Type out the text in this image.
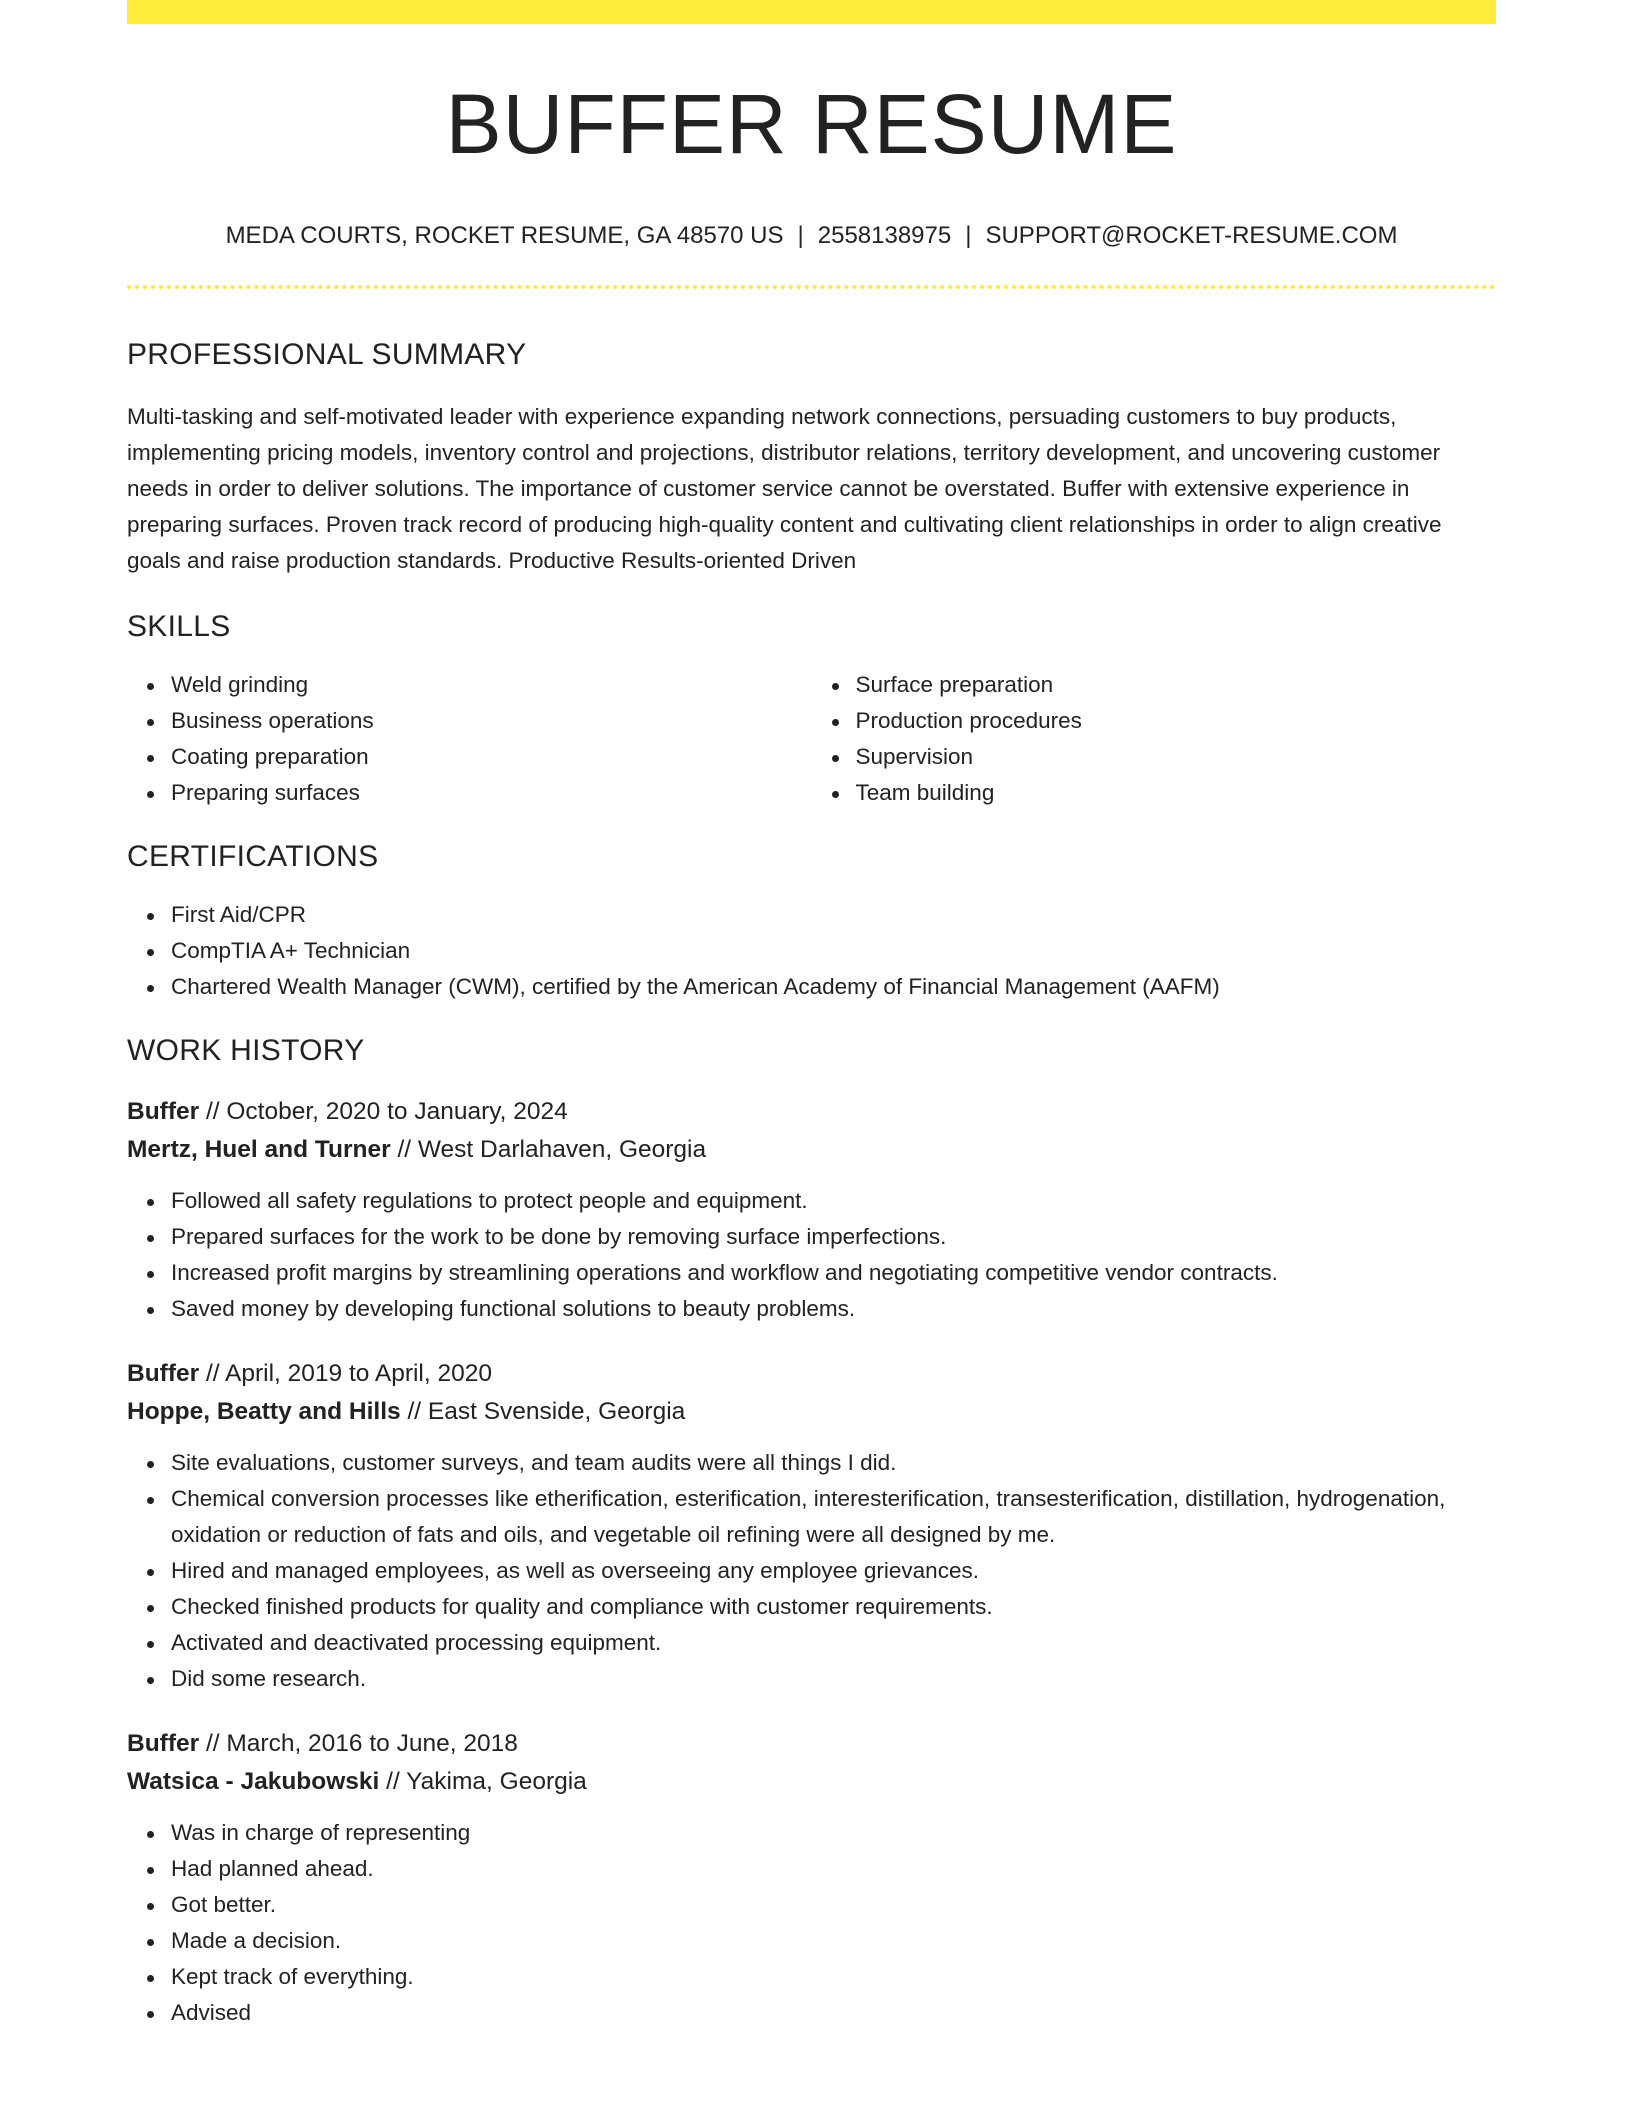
BUFFER RESUME
MEDA COURTS, ROCKET RESUME, GA 48570 US | 2558138975 | SUPPORT@ROCKET-RESUME.COM
PROFESSIONAL SUMMARY
Multi-tasking and self-motivated leader with experience expanding network connections, persuading customers to buy products, implementing pricing models, inventory control and projections, distributor relations, territory development, and uncovering customer needs in order to deliver solutions. The importance of customer service cannot be overstated. Buffer with extensive experience in preparing surfaces. Proven track record of producing high-quality content and cultivating client relationships in order to align creative goals and raise production standards. Productive Results-oriented Driven
SKILLS
Weld grinding
Business operations
Coating preparation
Preparing surfaces
Surface preparation
Production procedures
Supervision
Team building
CERTIFICATIONS
First Aid/CPR
CompTIA A+ Technician
Chartered Wealth Manager (CWM), certified by the American Academy of Financial Management (AAFM)
WORK HISTORY
Buffer // October, 2020 to January, 2024
Mertz, Huel and Turner // West Darlahaven, Georgia
Followed all safety regulations to protect people and equipment.
Prepared surfaces for the work to be done by removing surface imperfections.
Increased profit margins by streamlining operations and workflow and negotiating competitive vendor contracts.
Saved money by developing functional solutions to beauty problems.
Buffer // April, 2019 to April, 2020
Hoppe, Beatty and Hills // East Svenside, Georgia
Site evaluations, customer surveys, and team audits were all things I did.
Chemical conversion processes like etherification, esterification, interesterification, transesterification, distillation, hydrogenation, oxidation or reduction of fats and oils, and vegetable oil refining were all designed by me.
Hired and managed employees, as well as overseeing any employee grievances.
Checked finished products for quality and compliance with customer requirements.
Activated and deactivated processing equipment.
Did some research.
Buffer // March, 2016 to June, 2018
Watsica - Jakubowski // Yakima, Georgia
Was in charge of representing
Had planned ahead.
Got better.
Made a decision.
Kept track of everything.
Advised
